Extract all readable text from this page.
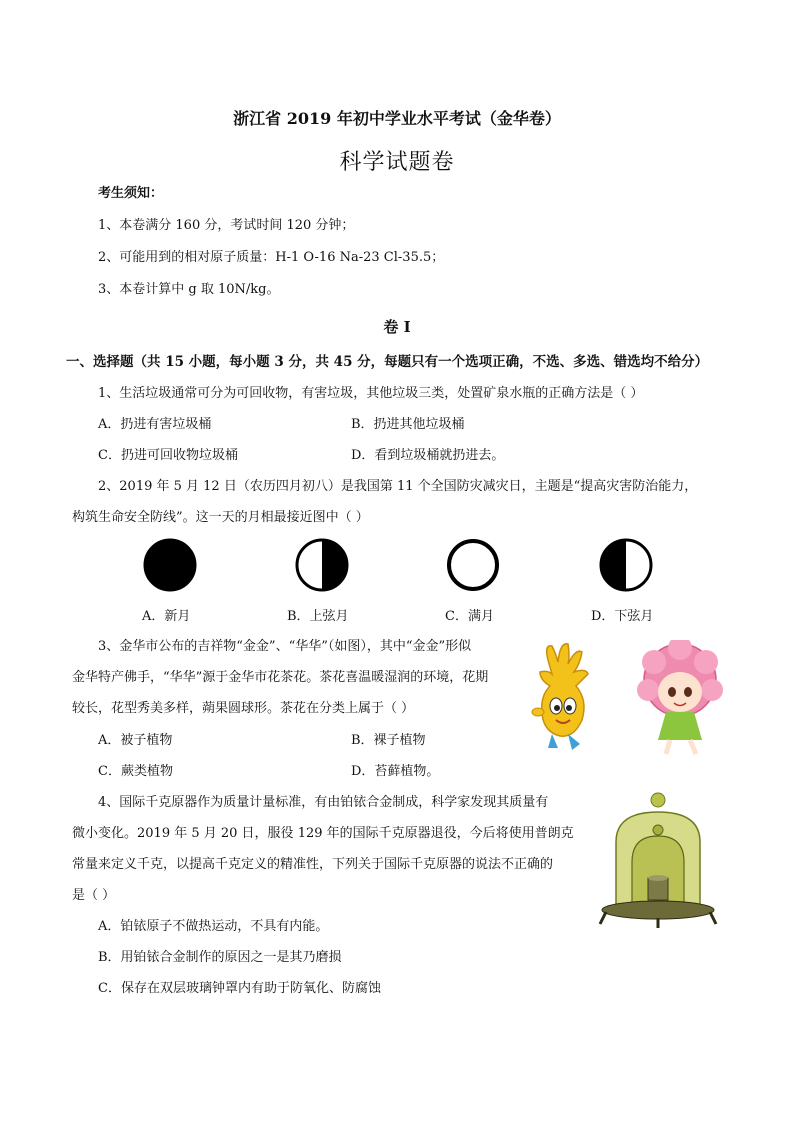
浙江省 2019 年初中学业水平考试（金华卷）
科学试题卷
考生须知：
1、本卷满分 160 分，考试时间 120 分钟；
2、可能用到的相对原子质量：H-1 O-16 Na-23 Cl-35.5；
3、本卷计算中 g 取 10N/kg。
卷 I
一、选择题（共 15 小题，每小题 3 分，共 45 分，每题只有一个选项正确，不选、多选、错选均不给分）
1、生活垃圾通常可分为可回收物，有害垃圾，其他垃圾三类，处置矿泉水瓶的正确方法是（ ）
A．扔进有害垃圾桶	B．扔进其他垃圾桶
C．扔进可回收物垃圾桶	D．看到垃圾桶就扔进去。
2、2019 年 5 月 12 日（农历四月初八）是我国第 11 个全国防灾减灾日，主题是“提高灾害防治能力，
构筑生命安全防线”。这一天的月相最接近图中（ ）
A．新月	B．上弦月	C．满月	D．下弦月
3、金华市公布的吉祥物“金金”、“华华”（如图），其中“金金”形似
金华特产佛手，“华华”源于金华市花茶花。茶花喜温暖湿润的环境，花期
较长，花型秀美多样，蒴果圆球形。茶花在分类上属于（ ）
A．被子植物	B．裸子植物
C．蕨类植物	D．苔藓植物。
4、国际千克原器作为质量计量标准，有由铂铱合金制成，科学家发现其质量有
微小变化。2019 年 5 月 20 日，服役 129 年的国际千克原器退役，今后将使用普朗克
常量来定义千克，以提高千克定义的精准性，下列关于国际千克原器的说法不正确的
是（ ）
A．铂铱原子不做热运动，不具有内能。
B．用铂铱合金制作的原因之一是其乃磨损
C．保存在双层玻璃钟罩内有助于防氧化、防腐蚀
